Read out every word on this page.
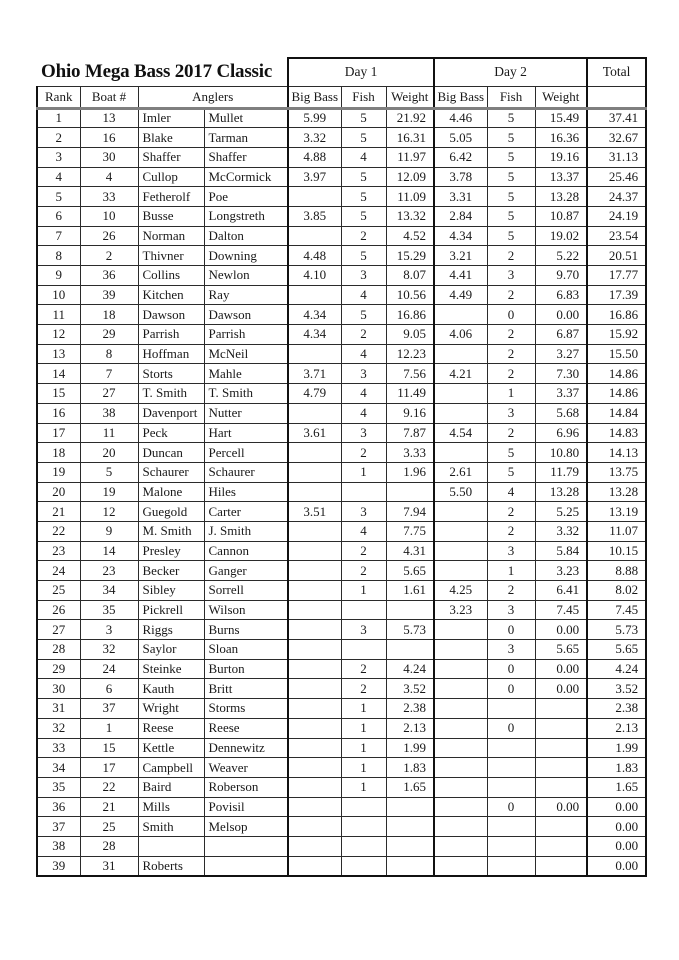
Ohio Mega Bass 2017 Classic				Day 1			Day 2			Total
Rank	Boat #	Anglers		Big Bass	Fish	Weight	Big Bass	Fish	Weight	
1	13	Imler	Mullet	5.99	5	21.92	4.46	5	15.49	37.41
2	16	Blake	Tarman	3.32	5	16.31	5.05	5	16.36	32.67
3	30	Shaffer	Shaffer	4.88	4	11.97	6.42	5	19.16	31.13
4	4	Cullop	McCormick	3.97	5	12.09	3.78	5	13.37	25.46
5	33	Fetherolf	Poe		5	11.09	3.31	5	13.28	24.37
6	10	Busse	Longstreth	3.85	5	13.32	2.84	5	10.87	24.19
7	26	Norman	Dalton		2	4.52	4.34	5	19.02	23.54
8	2	Thivner	Downing	4.48	5	15.29	3.21	2	5.22	20.51
9	36	Collins	Newlon	4.10	3	8.07	4.41	3	9.70	17.77
10	39	Kitchen	Ray		4	10.56	4.49	2	6.83	17.39
11	18	Dawson	Dawson	4.34	5	16.86		0	0.00	16.86
12	29	Parrish	Parrish	4.34	2	9.05	4.06	2	6.87	15.92
13	8	Hoffman	McNeil		4	12.23		2	3.27	15.50
14	7	Storts	Mahle	3.71	3	7.56	4.21	2	7.30	14.86
15	27	T. Smith	T. Smith	4.79	4	11.49		1	3.37	14.86
16	38	Davenport	Nutter		4	9.16		3	5.68	14.84
17	11	Peck	Hart	3.61	3	7.87	4.54	2	6.96	14.83
18	20	Duncan	Percell		2	3.33		5	10.80	14.13
19	5	Schaurer	Schaurer		1	1.96	2.61	5	11.79	13.75
20	19	Malone	Hiles				5.50	4	13.28	13.28
21	12	Guegold	Carter	3.51	3	7.94		2	5.25	13.19
22	9	M. Smith	J. Smith		4	7.75		2	3.32	11.07
23	14	Presley	Cannon		2	4.31		3	5.84	10.15
24	23	Becker	Ganger		2	5.65		1	3.23	8.88
25	34	Sibley	Sorrell		1	1.61	4.25	2	6.41	8.02
26	35	Pickrell	Wilson				3.23	3	7.45	7.45
27	3	Riggs	Burns		3	5.73		0	0.00	5.73
28	32	Saylor	Sloan					3	5.65	5.65
29	24	Steinke	Burton		2	4.24		0	0.00	4.24
30	6	Kauth	Britt		2	3.52		0	0.00	3.52
31	37	Wright	Storms		1	2.38				2.38
32	1	Reese	Reese		1	2.13		0		2.13
33	15	Kettle	Dennewitz		1	1.99				1.99
34	17	Campbell	Weaver		1	1.83				1.83
35	22	Baird	Roberson		1	1.65				1.65
36	21	Mills	Povisil					0	0.00	0.00
37	25	Smith	Melsop							0.00
38	28									0.00
39	31	Roberts								0.00
